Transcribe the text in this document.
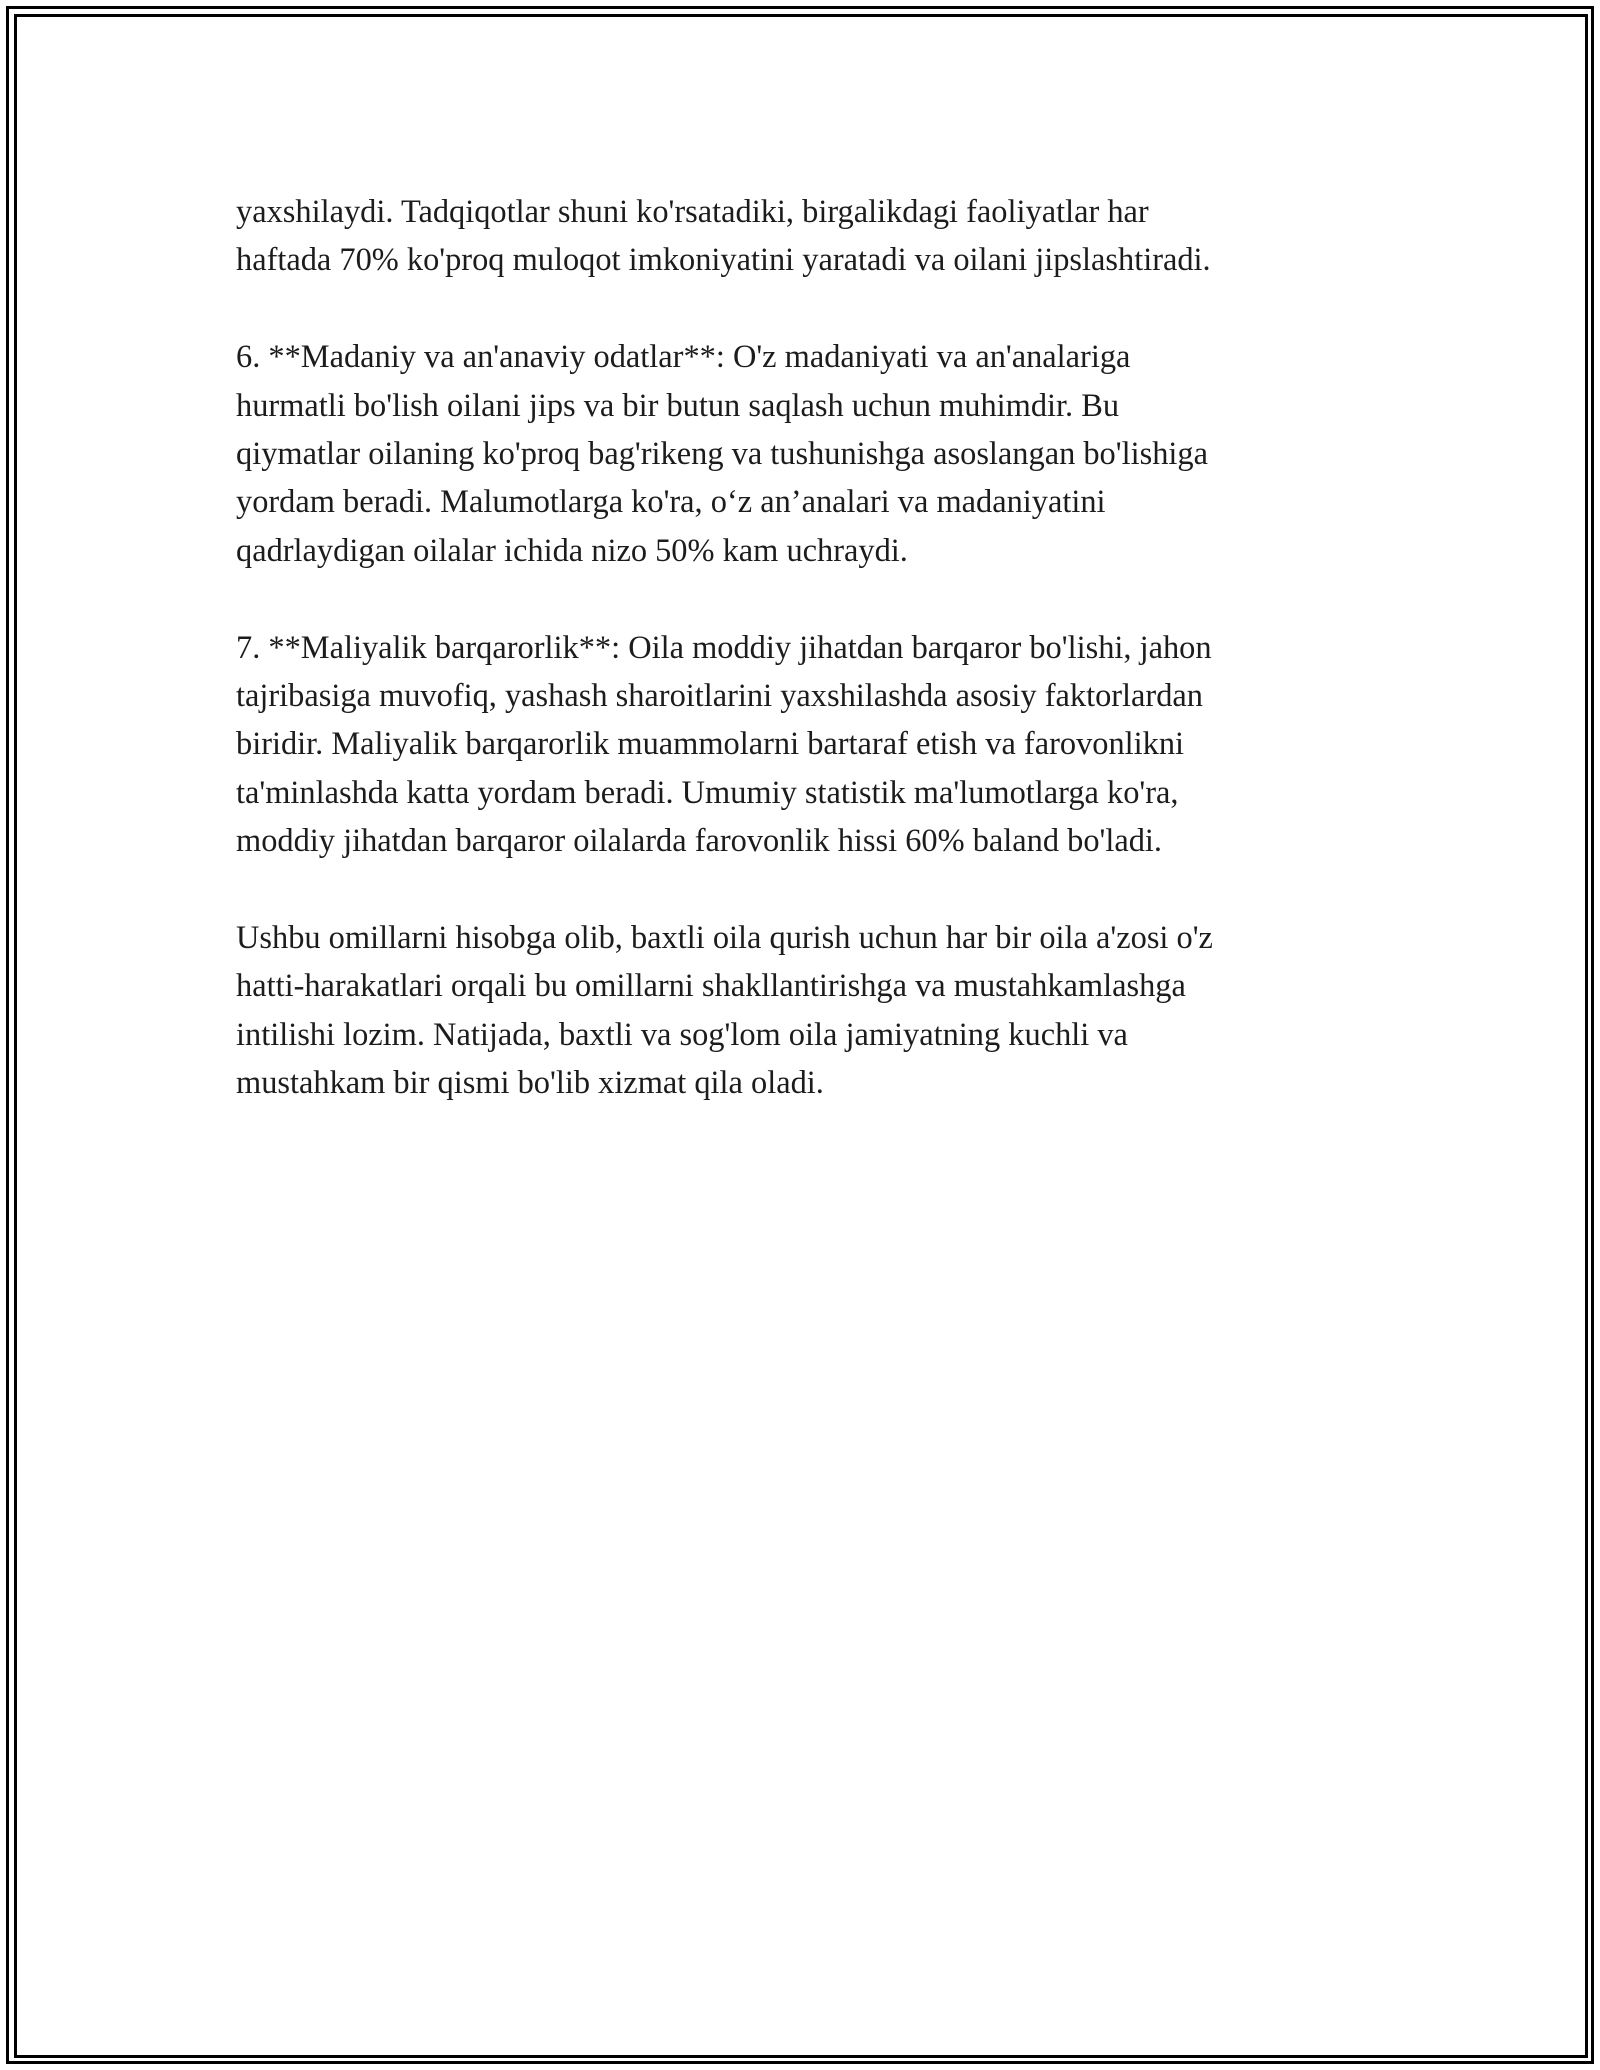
yaxshilaydi. Tadqiqotlar shuni ko'rsatadiki, birgalikdagi faoliyatlar har
haftada 70% ko'proq muloqot imkoniyatini yaratadi va oilani jipslashtiradi.
6. **Madaniy va an'anaviy odatlar**: O'z madaniyati va an'analariga
hurmatli bo'lish oilani jips va bir butun saqlash uchun muhimdir. Bu
qiymatlar oilaning ko'proq bag'rikeng va tushunishga asoslangan bo'lishiga
yordam beradi. Malumotlarga ko'ra, o‘z an’analari va madaniyatini
qadrlaydigan oilalar ichida nizo 50% kam uchraydi.
7. **Maliyalik barqarorlik**: Oila moddiy jihatdan barqaror bo'lishi, jahon
tajribasiga muvofiq, yashash sharoitlarini yaxshilashda asosiy faktorlardan
biridir. Maliyalik barqarorlik muammolarni bartaraf etish va farovonlikni
ta'minlashda katta yordam beradi. Umumiy statistik ma'lumotlarga ko'ra,
moddiy jihatdan barqaror oilalarda farovonlik hissi 60% baland bo'ladi.
Ushbu omillarni hisobga olib, baxtli oila qurish uchun har bir oila a'zosi o'z
hatti-harakatlari orqali bu omillarni shakllantirishga va mustahkamlashga
intilishi lozim. Natijada, baxtli va sog'lom oila jamiyatning kuchli va
mustahkam bir qismi bo'lib xizmat qila oladi.
